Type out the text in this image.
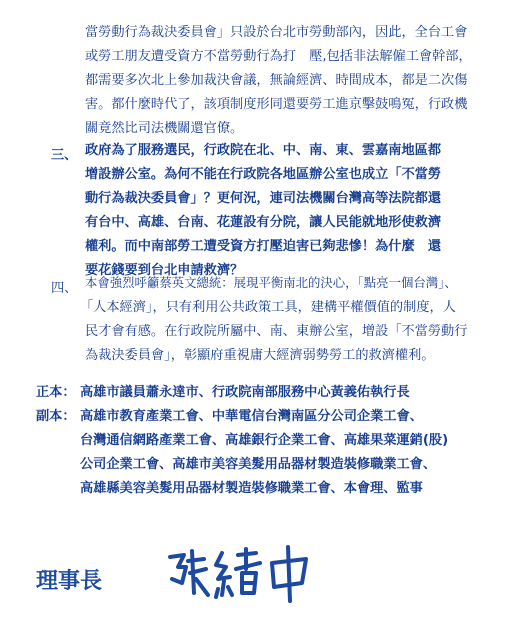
當勞動行為裁決委員會」只設於台北市勞動部內，因此，全台工會
或勞工朋友遭受資方不當勞動行為打　壓,包括非法解僱工會幹部，
都需要多次北上參加裁決會議，無論經濟、時間成本，都是二次傷
害。都什麼時代了，該項制度形同還要勞工進京擊鼓鳴冤，行政機
關竟然比司法機關還官僚。
三、 政府為了服務選民，行政院在北、中、南、東、雲嘉南地區都
增設辦公室。為何不能在行政院各地區辦公室也成立「不當勞
動行為裁決委員會」？更何況，連司法機關台灣高等法院都還
有台中、高雄、台南、花蓮設有分院，讓人民能就地形使救濟
權利。而中南部勞工遭受資方打壓迫害已夠悲慘！為什麼　還
要花錢要到台北申請救濟？
四、 本會強烈呼籲蔡英文總統：展現平衡南北的決心，「點亮一個台灣」、
「人本經濟」，只有利用公共政策工具，建構平權價值的制度，人
民才會有感。在行政院所屬中、南、東辦公室，增設「不當勞動行
為裁決委員會」，彰顯府重視庸大經濟弱勢勞工的救濟權利。
正本： 高雄市議員蕭永達市、行政院南部服務中心黃義佑執行長
副本： 高雄市教育產業工會、中華電信台灣南區分公司企業工會、
台灣通信網路產業工會、高雄銀行企業工會、高雄果菜運銷(股)
公司企業工會、高雄市美容美髮用品器材製造裝修職業工會、
高雄縣美容美髮用品器材製造裝修職業工會、本會理、監事
理事長
